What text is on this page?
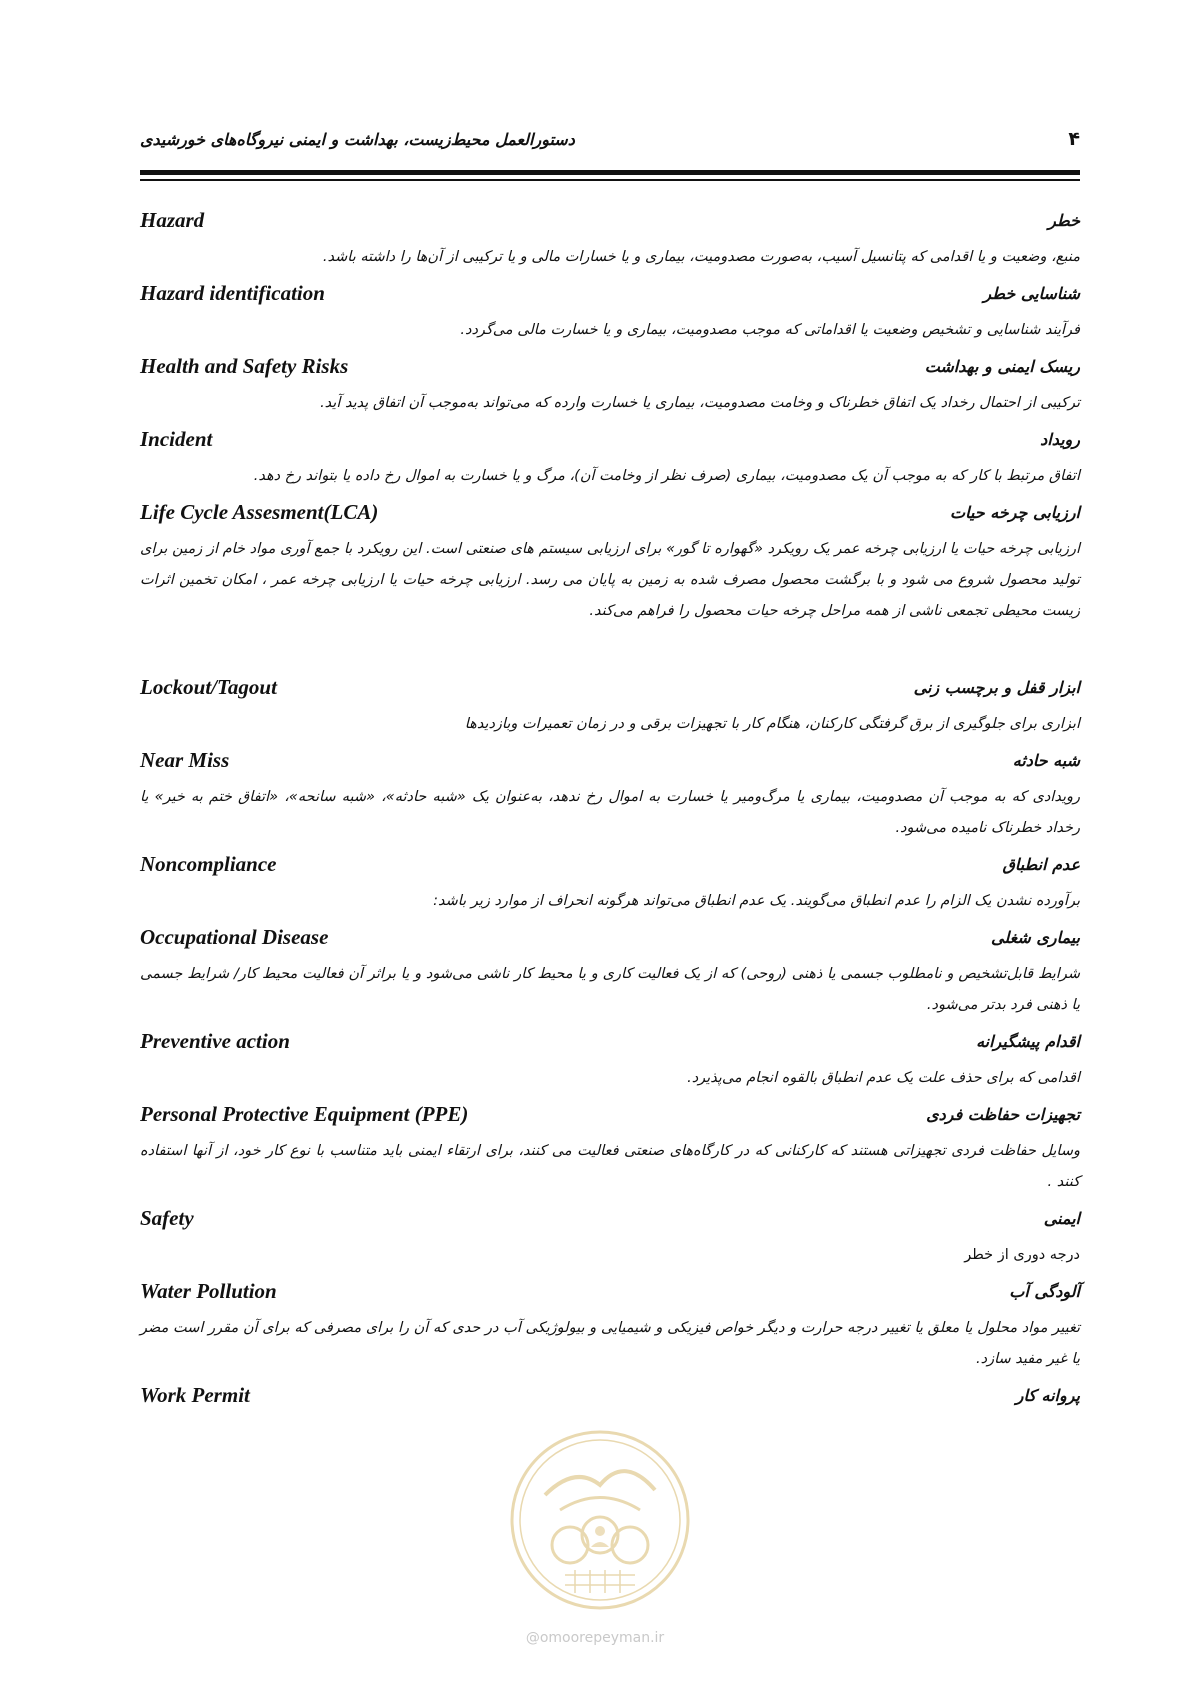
۴
دستورالعمل محیط‌زیست، بهداشت و ایمنی نیروگاه‌های خورشیدی
Hazard	خطر
منبع، وضعیت و یا اقدامی که پتانسیل آسیب، به‌صورت مصدومیت، بیماری و یا خسارات مالی و یا ترکیبی از آن‌ها را داشته باشد.
Hazard identification	شناسایی خطر
فرآیند شناسایی و تشخیص وضعیت یا اقداماتی که موجب مصدومیت، بیماری و یا خسارت مالی می‌گردد.
Health and Safety Risks	ریسک ایمنی و بهداشت
ترکیبی از احتمال رخداد یک اتفاق خطرناک و وخامت مصدومیت، بیماری یا خسارت وارده که می‌تواند به‌موجب آن اتفاق پدید آید.
Incident	رویداد
اتفاق مرتبط با کار که به موجب آن یک مصدومیت، بیماری (صرف نظر از وخامت آن)، مرگ و یا خسارت به اموال رخ داده یا بتواند رخ دهد.
Life Cycle Assesment(LCA)	ارزیابی چرخه حیات
ارزیابی چرخه حیات یا ارزیابی چرخه عمر یک رویکرد «گهواره تا گور» برای ارزیابی سیستم های صنعتی است. این رویکرد با جمع آوری مواد خام از زمین برای تولید محصول شروع می شود و با برگشت محصول مصرف شده به زمین به پایان می رسد. ارزیابی چرخه حیات یا ارزیابی چرخه عمر ، امکان تخمین اثرات زیست محیطی تجمعی ناشی از همه مراحل چرخه حیات محصول را فراهم می‌کند.
Lockout/Tagout	ابزار قفل و برچسب زنی
ابزاری برای جلوگیری از برق گرفتگی کارکنان، هنگام کار با تجهیزات برقی و در زمان تعمیرات وبازدیدها
Near Miss	شبه حادثه
رویدادی که به موجب آن مصدومیت، بیماری یا مرگ‌ومیر یا خسارت به اموال رخ ندهد، به‌عنوان یک «شبه حادثه»، «شبه سانحه»، «اتفاق ختم به خیر» یا رخداد خطرناک نامیده می‌شود.
Noncompliance	عدم انطباق
برآورده نشدن یک الزام را عدم انطباق می‌گویند. یک عدم انطباق می‌تواند هرگونه انحراف از موارد زیر باشد:
Occupational Disease	بیماری شغلی
شرایط قابل‌تشخیص و نامطلوب جسمی یا ذهنی (روحی) که از یک فعالیت کاری و یا محیط کار ناشی می‌شود و یا براثر آن فعالیت محیط کار/ شرایط جسمی یا ذهنی فرد بدتر می‌شود.
Preventive action	اقدام پیشگیرانه
اقدامی که برای حذف علت یک عدم انطباق بالقوه انجام می‌پذیرد.
Personal Protective Equipment (PPE)	تجهیزات حفاظت فردی
وسایل حفاظت فردی تجهیزاتی هستند که کارکنانی که در کارگاه‌های صنعتی فعالیت می کنند، برای ارتقاء ایمنی باید متناسب با نوع کار خود، از آنها استفاده کنند .
Safety	ایمنی
درجه دوری از خطر
Water Pollution	آلودگی آب
تغییر مواد محلول یا معلق یا تغییر درجه حرارت و دیگر خواص فیزیکی و شیمیایی و بیولوژیکی آب در حدی که آن را برای مصرفی که برای آن مقرر است مضر یا غیر مفید سازد.
Work Permit	پروانه کار
@omoorepeyman.ir
